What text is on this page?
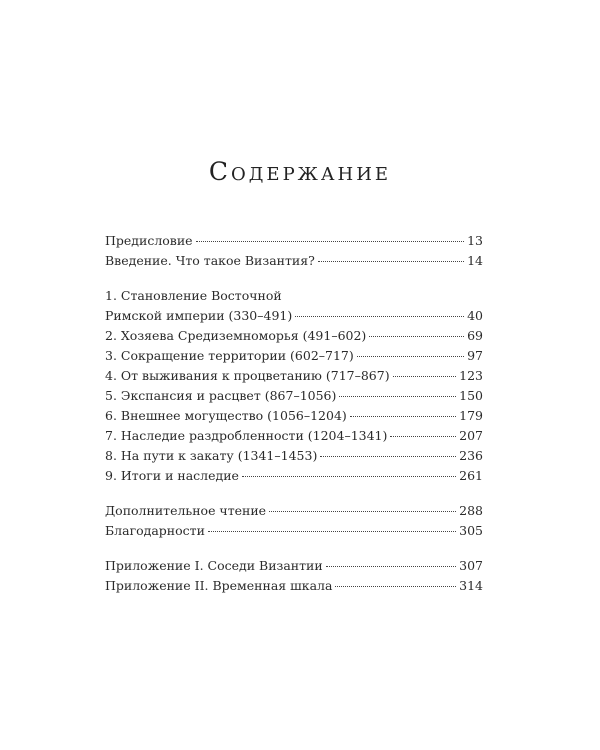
Содержание
Предисловие	13
Введение. Что такое Византия?	14
1. Становление Восточной
Римской империи (330–491)	40
2. Хозяева Средиземноморья (491–602)	69
3. Сокращение территории (602–717)	97
4. От выживания к процветанию (717–867)	123
5. Экспансия и расцвет (867–1056)	150
6. Внешнее могущество (1056–1204)	179
7. Наследие раздробленности (1204–1341)	207
8. На пути к закату (1341–1453)	236
9. Итоги и наследие	261
Дополнительное чтение	288
Благодарности	305
Приложение I. Соседи Византии	307
Приложение II. Временная шкала	314
